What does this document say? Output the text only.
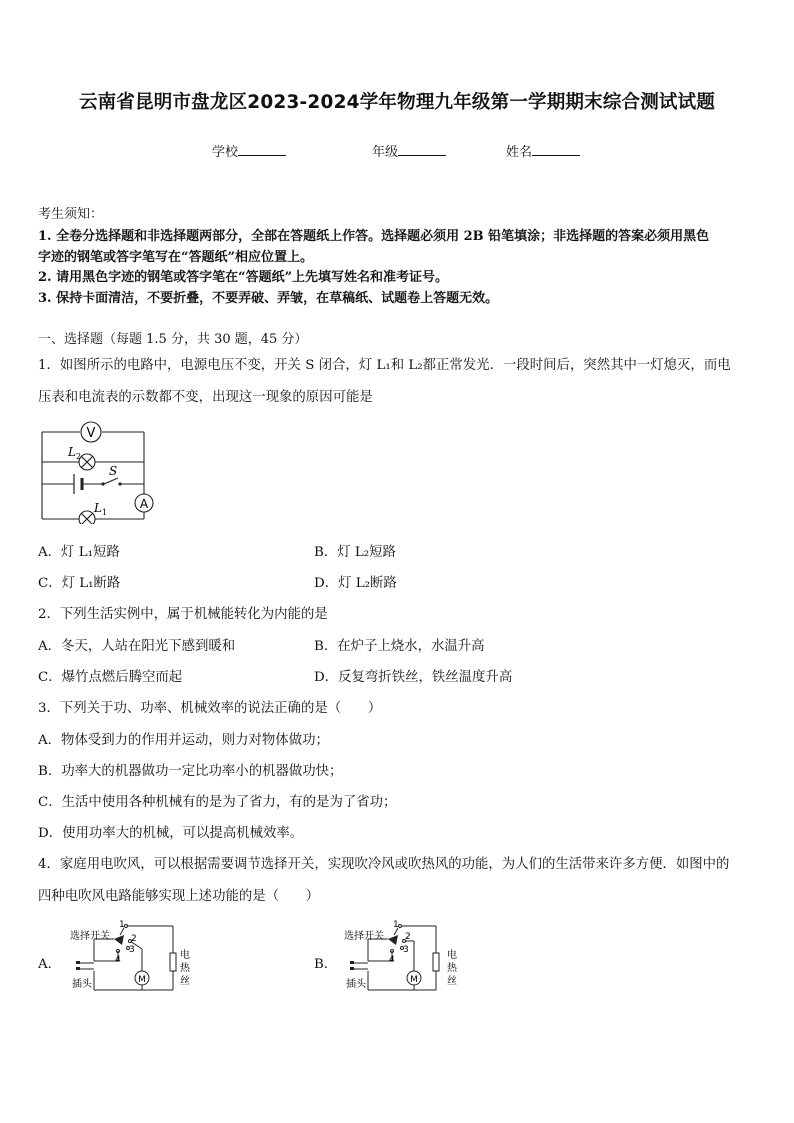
云南省昆明市盘龙区2023-2024学年物理九年级第一学期期末综合测试试题
学校	年级	姓名
考生须知：
1. 全卷分选择题和非选择题两部分，全部在答题纸上作答。选择题必须用 2B 铅笔填涂；非选择题的答案必须用黑色
字迹的钢笔或答字笔写在“答题纸”相应位置上。
2. 请用黑色字迹的钢笔或答字笔在“答题纸”上先填写姓名和准考证号。
3. 保持卡面清洁，不要折叠，不要弄破、弄皱，在草稿纸、试题卷上答题无效。
一、选择题（每题 1.5 分，共 30 题，45 分）
1．如图所示的电路中，电源电压不变，开关 S 闭合，灯 L₁和 L₂都正常发光．一段时间后，突然其中一灯熄灭，而电
压表和电流表的示数都不变，出现这一现象的原因可能是
V
A
L 2
S
L 1
A．灯 L₁短路	B．灯 L₂短路
C．灯 L₁断路	D．灯 L₂断路
2．下列生活实例中，属于机械能转化为内能的是
A．冬天，人站在阳光下感到暖和	B．在炉子上烧水，水温升高
C．爆竹点燃后腾空而起	D．反复弯折铁丝，铁丝温度升高
3．下列关于功、功率、机械效率的说法正确的是（　　）
A．物体受到力的作用并运动，则力对物体做功；
B．功率大的机器做功一定比功率小的机器做功快；
C．生活中使用各种机械有的是为了省力，有的是为了省功；
D．使用功率大的机械，可以提高机械效率。
4．家庭用电吹风，可以根据需要调节选择开关，实现吹冷风或吹热风的功能，为人们的生活带来许多方便．如图中的
四种电吹风电路能够实现上述功能的是（　　）
A．	B．
选择开关
插头
1
2
3
4
M
电
热
丝
选择开关
插头
1
2
3
4
M
电
热
丝
